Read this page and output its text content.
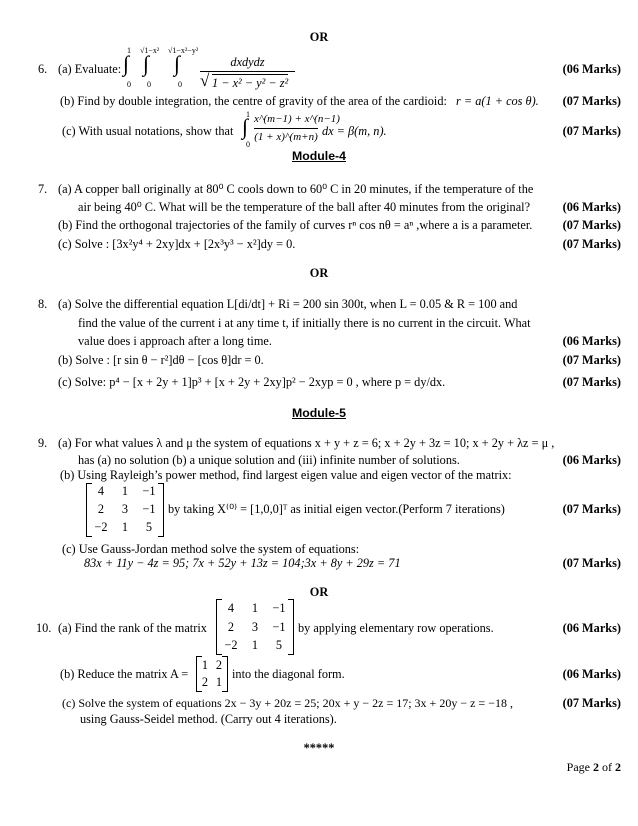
OR
6. (a) Evaluate:
1
∫
0
√1−x²
∫
0
√1−x²−y²
∫
0
dxdydz
√ 1 − x² − y² − z²
(06 Marks)
(b) Find by double integration, the centre of gravity of the area of the cardioid: r = a(1 + cos θ). (07 Marks)
(c) With usual notations, show that
1
∫
0
x^(m−1) + x^(n−1)
(1 + x)^(m+n) dx = β(m, n).	(07 Marks)
Module-4
7. (a) A copper ball originally at 80⁰ C cools down to 60⁰ C in 20 minutes, if the temperature of the
air being 40⁰ C. What will be the temperature of the ball after 40 minutes from the original?	(06 Marks)
(b) Find the orthogonal trajectories of the family of curves rⁿ cos nθ = aⁿ ,where a is a parameter. (07 Marks)
(c) Solve : [3x²y⁴ + 2xy]dx + [2x³y³ − x²]dy = 0.	(07 Marks)
OR
8. (a) Solve the differential equation L[di/dt] + Ri = 200 sin 300t, when L = 0.05 & R = 100 and
find the value of the current i at any time t, if initially there is no current in the circuit. What
value does i approach after a long time.	(06 Marks)
(b) Solve : [r sin θ − r²]dθ − [cos θ]dr = 0.	(07 Marks)
(c) Solve: p⁴ − [x + 2y + 1]p³ + [x + 2y + 2xy]p² − 2xyp = 0 , where p = dy/dx.	(07 Marks)
Module-5
9. (a) For what values λ and μ the system of equations x + y + z = 6; x + 2y + 3z = 10; x + 2y + λz = μ ,
has (a) no solution (b) a unique solution and (iii) infinite number of solutions.	(06 Marks)
(b) Using Rayleigh’s power method, find largest eigen value and eigen vector of the matrix:
4	1	−1
2	3	−1
−2	1	5
by taking X⁽⁰⁾ = [1,0,0]ᵀ as initial eigen vector.(Perform 7 iterations)	(07 Marks)
(c) Use Gauss-Jordan method solve the system of equations:
83x + 11y − 4z = 95; 7x + 52y + 13z = 104;3x + 8y + 29z = 71	(07 Marks)
OR
10. (a) Find the rank of the matrix
4	1	−1
2	3	−1
−2	1	5
by applying elementary row operations.	(06 Marks)
(b) Reduce the matrix A =
1 2
2 1
into the diagonal form.	(06 Marks)
(c) Solve the system of equations 2x − 3y + 20z = 25; 20x + y − 2z = 17; 3x + 20y − z = −18 ,	(07 Marks)
using Gauss-Seidel method. (Carry out 4 iterations).
*****
Page 2 of 2
